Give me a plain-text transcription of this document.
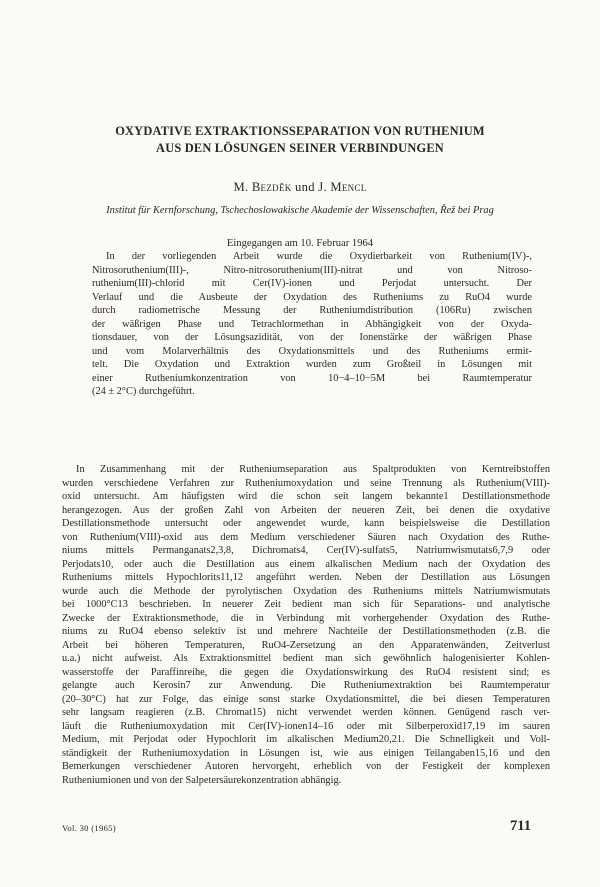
OXYDATIVE EXTRAKTIONSSEPARATION VON RUTHENIUM
AUS DEN LÖSUNGEN SEINER VERBINDUNGEN
M. Bezděk und J. Mencl
Institut für Kernforschung, Tschechoslowakische Akademie der Wissenschaften, Řež bei Prag
Eingegangen am 10. Februar 1964
In der vorliegenden Arbeit wurde die Oxydierbarkeit von Ruthenium(IV)-,
Nitrosoruthenium(III)-, Nitro-nitrosoruthenium(III)-nitrat und von Nitroso-
ruthenium(III)-chlorid mit Cer(IV)-ionen und Perjodat untersucht. Der
Verlauf und die Ausbeute der Oxydation des Rutheniums zu RuO4 wurde
durch radiometrische Messung der Rutheniumdistribution (106Ru) zwischen
der wäßrigen Phase und Tetrachlormethan in Abhängigkeit von der Oxyda-
tionsdauer, von der Lösungsazidität, von der Ionenstärke der wäßrigen Phase
und vom Molarverhältnis des Oxydationsmittels und des Rutheniums ermit-
telt. Die Oxydation und Extraktion wurden zum Großteil in Lösungen mit
einer Rutheniumkonzentration von 10−4–10−5M bei Raumtemperatur
(24 ± 2°C) durchgeführt.
In Zusammenhang mit der Rutheniumseparation aus Spaltprodukten von Kerntreibstoffen
wurden verschiedene Verfahren zur Rutheniumoxydation und seine Trennung als Ruthenium(VIII)-
oxid untersucht. Am häufigsten wird die schon seit langem bekannte1 Destillationsmethode
herangezogen. Aus der großen Zahl von Arbeiten der neueren Zeit, bei denen die oxydative
Destillationsmethode untersucht oder angewendet wurde, kann beispielsweise die Destillation
von Ruthenium(VIII)-oxid aus dem Medium verschiedener Säuren nach Oxydation des Ruthe-
niums mittels Permanganats2,3,8, Dichromats4, Cer(IV)-sulfats5, Natriumwismutats6,7,9 oder
Perjodats10, oder auch die Destillation aus einem alkalischen Medium nach der Oxydation des
Rutheniums mittels Hypochlorits11,12 angeführt werden. Neben der Destillation aus Lösungen
wurde auch die Methode der pyrolytischen Oxydation des Rutheniums mittels Natriumwismutats
bei 1000°C13 beschrieben. In neuerer Zeit bedient man sich für Separations- und analytische
Zwecke der Extraktionsmethode, die in Verbindung mit vorhergehender Oxydation des Ruthe-
niums zu RuO4 ebenso selektiv ist und mehrere Nachteile der Destillationsmethoden (z.B. die
Arbeit bei höheren Temperaturen, RuO4-Zersetzung an den Apparatenwänden, Zeitverlust
u.a.) nicht aufweist. Als Extraktionsmittel bedient man sich gewöhnlich halogenisierter Kohlen-
wasserstoffe der Paraffinreihe, die gegen die Oxydationswirkung des RuO4 resistent sind; es
gelangte auch Kerosin7 zur Anwendung. Die Rutheniumextraktion bei Raumtemperatur
(20–30°C) hat zur Folge, das einige sonst starke Oxydationsmittel, die bei diesen Temperaturen
sehr langsam reagieren (z.B. Chromat15) nicht verwendet werden können. Genügend rasch ver-
läuft die Rutheniumoxydation mit Cer(IV)-ionen14–16 oder mit Silberperoxid17,19 im sauren
Medium, mit Perjodat oder Hypochlorit im alkalischen Medium20,21. Die Schnelligkeit und Voll-
ständigkeit der Rutheniumoxydation in Lösungen ist, wie aus einigen Teilangaben15,16 und den
Bemerkungen verschiedener Autoren hervorgeht, erheblich von der Festigkeit der komplexen
Rutheniumionen und von der Salpetersäurekonzentration abhängig.
Vol. 30 (1965)	711
